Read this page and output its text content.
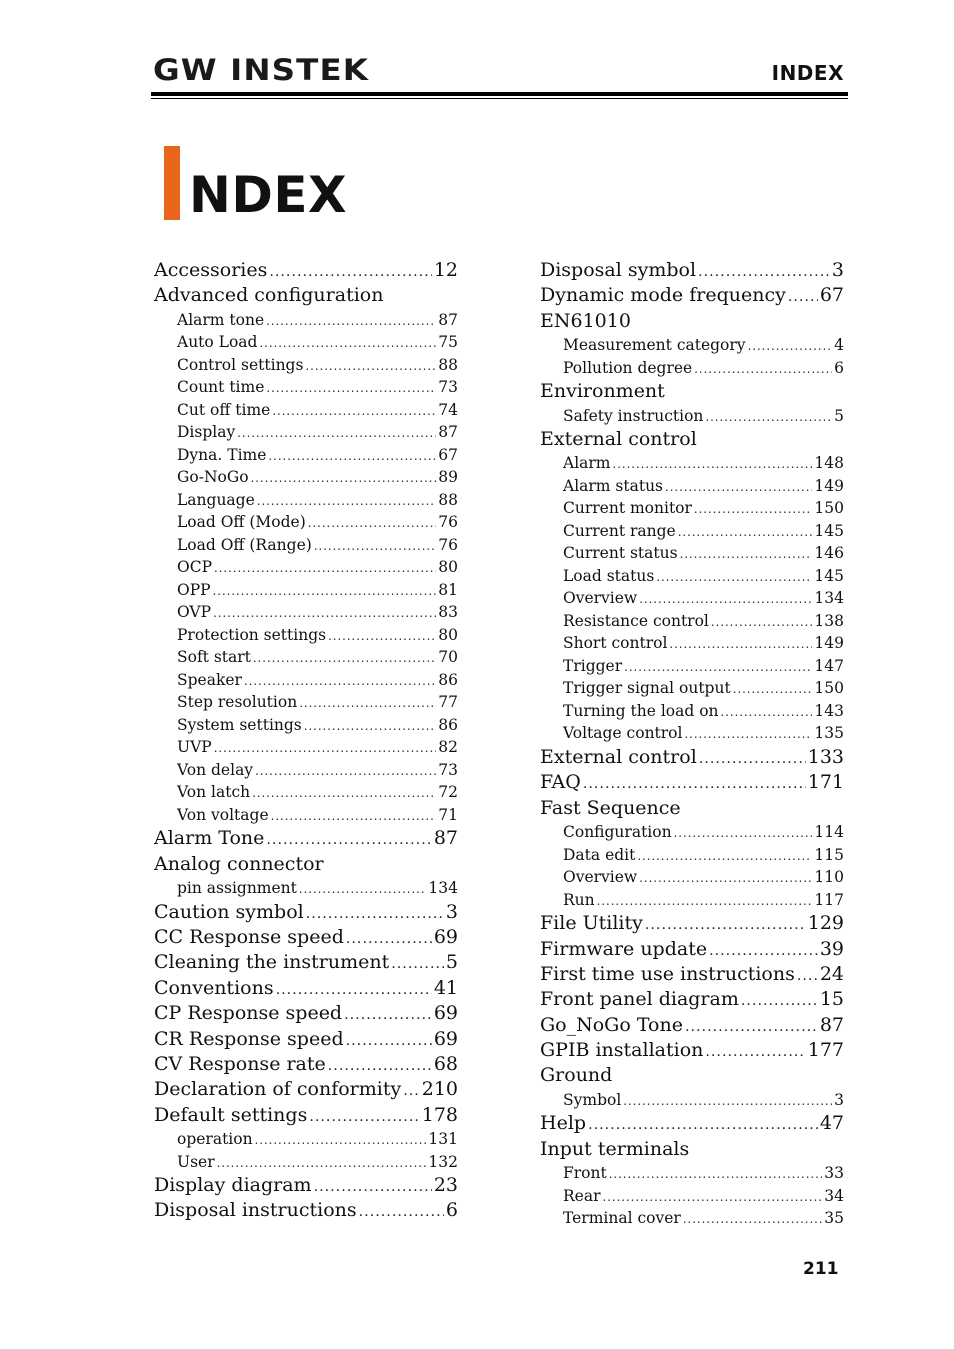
GW INSTEK	INDEX
NDEX
Accessories .....	12
Advanced configuration
Alarm tone .....	87
Auto Load .....	75
Control settings .....	88
Count time .....	73
Cut off time .....	74
Display .....	87
Dyna. Time .....	67
Go-NoGo .....	89
Language .....	88
Load Off (Mode) .....	76
Load Off (Range) .....	76
OCP .....	80
OPP .....	81
OVP .....	83
Protection settings .....	80
Soft start .....	70
Speaker .....	86
Step resolution .....	77
System settings .....	86
UVP .....	82
Von delay .....	73
Von latch .....	72
Von voltage .....	71
Alarm Tone .....	87
Analog connector
pin assignment .....	134
Caution symbol .....	3
CC Response speed .....	69
Cleaning the instrument .....	5
Conventions .....	41
CP Response speed .....	69
CR Response speed .....	69
CV Response rate .....	68
Declaration of conformity ..... 210
Default settings .....	178
operation .....	131
User .....	132
Display diagram .....	23
Disposal instructions .....	6
Disposal symbol .....	3
Dynamic mode frequency ..... 67
EN61010
Measurement category .....	4
Pollution degree .....	6
Environment
Safety instruction .....	5
External control
Alarm .....	148
Alarm status .....	149
Current monitor .....	150
Current range .....	145
Current status .....	146
Load status .....	145
Overview .....	134
Resistance control .....	138
Short control .....	149
Trigger .....	147
Trigger signal output .....	150
Turning the load on .....	143
Voltage control .....	135
External control .....	133
FAQ .....	171
Fast Sequence
Configuration .....	114
Data edit .....	115
Overview .....	110
Run .....	117
File Utility .....	129
Firmware update .....	39
First time use instructions ..... 24
Front panel diagram .....	15
Go_NoGo Tone .....	87
GPIB installation .....	177
Ground
Symbol .....	3
Help .....	47
Input terminals
Front .....	33
Rear .....	34
Terminal cover .....	35
211
